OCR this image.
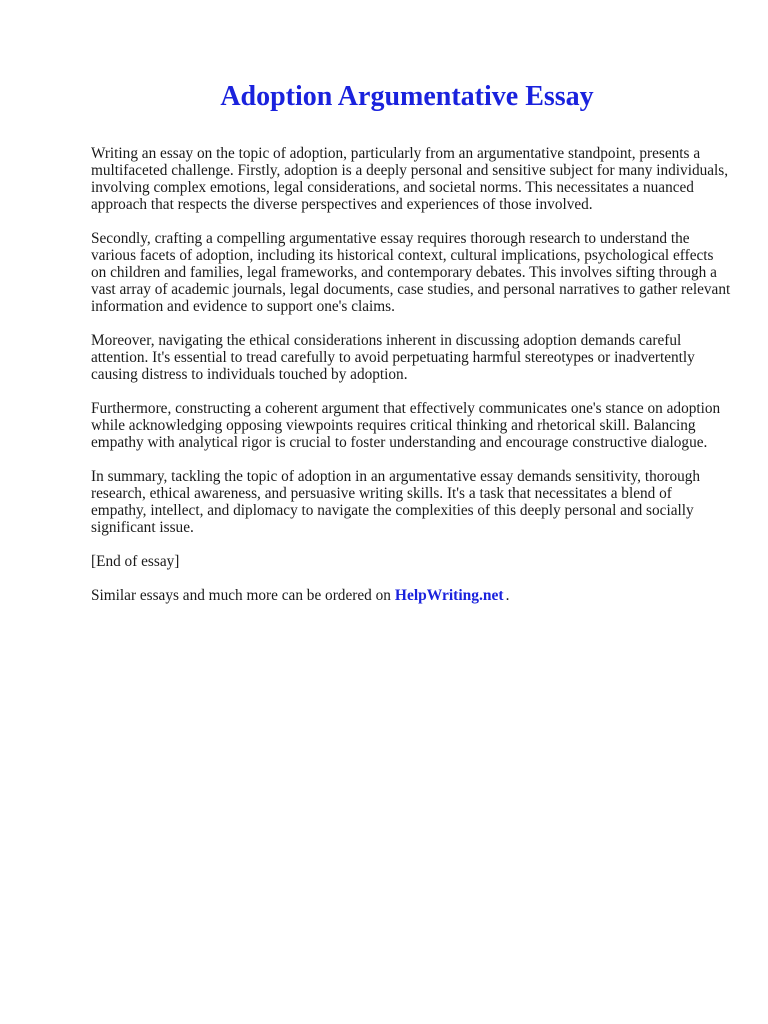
Adoption Argumentative Essay

Writing an essay on the topic of adoption, particularly from an argumentative standpoint, presents a multifaceted challenge. Firstly, adoption is a deeply personal and sensitive subject for many individuals, involving complex emotions, legal considerations, and societal norms. This necessitates a nuanced approach that respects the diverse perspectives and experiences of those involved.

Secondly, crafting a compelling argumentative essay requires thorough research to understand the various facets of adoption, including its historical context, cultural implications, psychological effects on children and families, legal frameworks, and contemporary debates. This involves sifting through a vast array of academic journals, legal documents, case studies, and personal narratives to gather relevant information and evidence to support one's claims.

Moreover, navigating the ethical considerations inherent in discussing adoption demands careful attention. It's essential to tread carefully to avoid perpetuating harmful stereotypes or inadvertently causing distress to individuals touched by adoption.

Furthermore, constructing a coherent argument that effectively communicates one's stance on adoption while acknowledging opposing viewpoints requires critical thinking and rhetorical skill. Balancing empathy with analytical rigor is crucial to foster understanding and encourage constructive dialogue.

In summary, tackling the topic of adoption in an argumentative essay demands sensitivity, thorough research, ethical awareness, and persuasive writing skills. It's a task that necessitates a blend of empathy, intellect, and diplomacy to navigate the complexities of this deeply personal and socially significant issue.

[End of essay]

Similar essays and much more can be ordered on HelpWriting.net .
